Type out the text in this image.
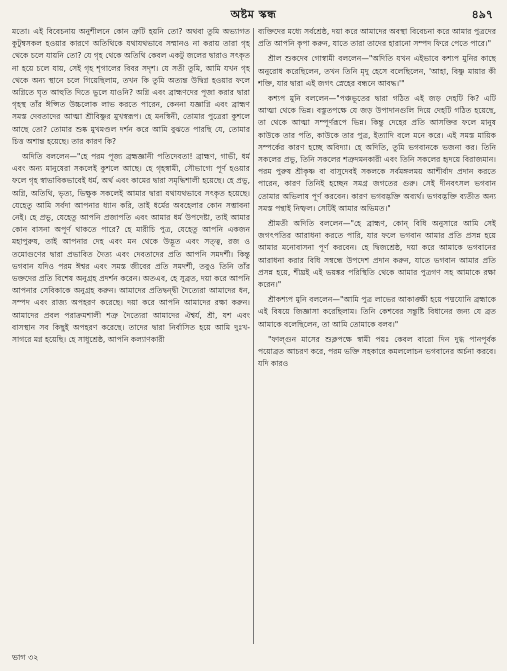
অষ্টম স্কন্ধ	৪৯৭

মতো। এই বিবেচনায় অনুশীলনে কোন ত্রুটি হয়নি তো? অথবা তুমি অভ্যাগত কুটুম্বসকল হওয়ার কারণে অতিথিকে যথাযথভাবে সম্মানও না করায় তারা গৃহ থেকে চলে যায়নি তো? যে গৃহ থেকে অতিথি কেবল একটু জলের দ্বারাও সৎকৃত না হয়ে চলে যায়, সেই গৃহ শৃগালের বিবর সদৃশ। যে সতী তুমি, আমি যখন গৃহ থেকে অন্য স্থানে চলে গিয়েছিলাম, তখন কি তুমি অত্যন্ত উদ্বিগ্ন হওয়ার ফলে অগ্নিতে ঘৃত আহুতি দিতে ভুলে যাওনি? অগ্নি এবং ব্রাহ্মণদের পূজা করার দ্বারা গৃহস্থ তাঁর ঈপ্সিত উচ্চলোক লাভ করতে পারেন, কেননা যজ্ঞাগ্নি এবং ব্রাহ্মণ সমস্ত দেবতাদের আত্মা শ্রীবিষ্ণুর মুখস্বরূপ। হে মনস্বিনী, তোমার পুত্রেরা কুশলে আছে তো? তোমার শুষ্ক মুখমণ্ডল দর্শন করে আমি বুঝতে পারছি যে, তোমার চিত্ত অশান্ত হয়েছে। তার কারণ কি?

অদিতি বললেন—"হে পরম পূজ্য ব্রহ্মজ্ঞানী পতিদেবতা! ব্রাহ্মণ, গাভী, ধর্ম এবং অন্য মানুষেরা সকলেই কুশলে আছে। হে গৃহস্বামী, সৌভাগ্যে পূর্ণ হওয়ার ফলে গৃহ স্বাভাবিকভাবেই ধর্ম, অর্থ এবং কামের দ্বারা সমৃদ্ধিশালী হয়েছে। হে প্রভু, অগ্নি, অতিথি, ভৃত্য, ভিক্ষুক সকলেই আমার দ্বারা যথাযথভাবে সৎকৃত হয়েছে। যেহেতু আমি সর্বদা আপনার ধ্যান করি, তাই ধর্মের অবহেলার কোন সম্ভাবনা নেই। হে প্রভু, যেহেতু আপনি প্রজাপতি এবং আমার ধর্ম উপদেষ্টা, তাই আমার কোন বাসনা অপূর্ণ থাকতে পারে? হে মারীচি পুত্র, যেহেতু আপনি একজন মহাপুরুষ, তাই আপনার দেহ এবং মন থেকে উদ্ভূত এবং সত্ত্ব, রজ ও তমোগুণের দ্বারা প্রভাবিত দৈত্য এবং দেবতাদের প্রতি আপনি সমদর্শী। কিন্তু ভগবান যদিও পরম ঈশ্বর এবং সমস্ত জীবের প্রতি সমদর্শী, তবুও তিনি তাঁর ভক্তদের প্রতি বিশেষ অনুগ্রহ প্রদর্শন করেন। অতএব, হে সুব্রত, দয়া করে আপনি আপনার সেবিকাকে অনুগ্রহ করুন। আমাদের প্রতিদ্বন্দ্বী দৈত্যেরা আমাদের ধন, সম্পদ এবং রাজ্য অপহরণ করেছে। দয়া করে আপনি আমাদের রক্ষা করুন। আমাদের প্রবল পরাক্রমশালী শত্রু দৈত্যেরা আমাদের ঐশ্বর্য, শ্রী, যশ এবং বাসস্থান সব কিছুই অপহরণ করেছে। তাদের দ্বারা নির্বাসিত হয়ে আমি দুঃখ-সাগরে মগ্ন হয়েছি। হে সাধুশ্রেষ্ঠ, আপনি কল্যাণকারী

ব্যক্তিদের মধ্যে সর্বশ্রেষ্ঠ, দয়া করে আমাদের অবস্থা বিবেচনা করে আমার পুত্রদের প্রতি আপনি কৃপা করুন, যাতে তারা তাদের হারানো সম্পদ ফিরে পেতে পারে।"

শ্রীল শুকদেব গোস্বামী বললেন—"অদিতি যখন এইভাবে কশ্যপ মুনির কাছে অনুরোধ করেছিলেন, তখন তিনি মৃদু হেসে বলেছিলেন, 'আহা, বিষ্ণু মায়ার কী শক্তি, যার দ্বারা এই জগৎ স্নেহের বন্ধনে আবদ্ধ।'"

কশ্যপ মুনি বললেন—"পঞ্চভূতের দ্বারা গঠিত এই জড় দেহটি কি? এটি আত্মা থেকে ভিন্ন। বস্তুতপক্ষে যে জড় উপাদানগুলি দিয়ে দেহটি গঠিত হয়েছে, তা থেকে আত্মা সম্পূর্ণরূপে ভিন্ন। কিন্তু দেহের প্রতি আসক্তির ফলে মানুষ কাউকে তার পতি, কাউকে তার পুত্র, ইত্যাদি বলে মনে করে। এই সমস্ত মায়িক সম্পর্কের কারণ হচ্ছে অবিদ্যা। হে অদিতি, তুমি ভগবানকে ভজনা কর। তিনি সকলের প্রভু, তিনি সকলের শত্রুদমনকারী এবং তিনি সকলের হৃদয়ে বিরাজমান। পরম পুরুষ শ্রীকৃষ্ণ বা বাসুদেবই সকলকে সর্বমঙ্গলময় আশীর্বাদ প্রদান করতে পারেন, কারণ তিনিই হচ্ছেন সমগ্র জগতের গুরু। সেই দীনবৎসল ভগবান তোমার অভিলাষ পূর্ণ করবেন। কারণ ভগবদ্ভক্তি অব্যর্থ। ভগবদ্ভক্তি ব্যতীত অন্য সমস্ত পন্থাই নিষ্ফল। সেটিই আমার অভিমত।"

শ্রীমতী অদিতি বললেন—"হে ব্রাহ্মণ, কোন্ বিধি অনুসারে আমি সেই জগৎপতির আরাধনা করতে পারি, যার ফলে ভগবান আমার প্রতি প্রসন্ন হয়ে আমার মনোবাসনা পূর্ণ করবেন। হে দ্বিজশ্রেষ্ঠ, দয়া করে আমাকে ভগবানের আরাধনা করার বিধি সম্বন্ধে উপদেশ প্রদান করুন, যাতে ভগবান আমার প্রতি প্রসন্ন হয়ে, শীঘ্রই এই ভয়ঙ্কর পরিস্থিতি থেকে আমার পুত্রগণ সহ আমাকে রক্ষা করেন।"

শ্রীকশ্যপ মুনি বললেন—"আমি পুত্র লাভের আকাঙ্ক্ষী হয়ে পদ্মযোনি ব্রহ্মাকে এই বিষয়ে জিজ্ঞাসা করেছিলাম। তিনি কেশবের সন্তুষ্টি বিধানের জন্য যে ব্রত আমাকে বলেছিলেন, তা আমি তোমাকে বলব।"

"ফাল্গুন মাসের শুক্লপক্ষে স্বামী পয়ঃ কেবল বারো দিন দুগ্ধ পানপূর্বক পয়োব্রত আচরণ করে, পরম ভক্তি সহকারে কমললোচন ভগবানের অর্চনা করবে। যদি কারও

ভাগ ৩২
